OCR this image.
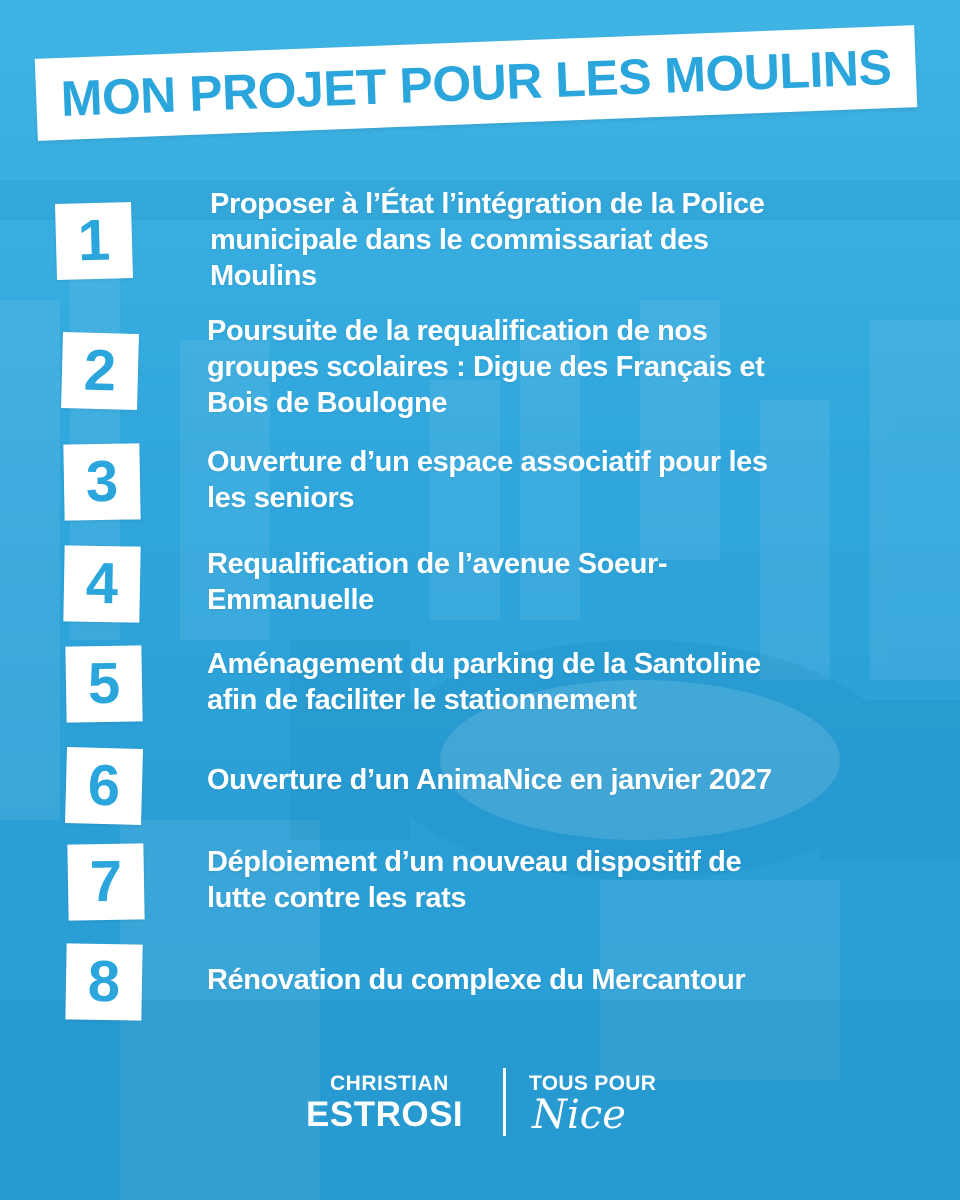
MON PROJET POUR LES MOULINS
1
Proposer à l’État l’intégration de la Police
municipale dans le commissariat des
Moulins
2
Poursuite de la requalification de nos
groupes scolaires : Digue des Français et
Bois de Boulogne
3	Ouverture d’un espace associatif pour les
les seniors
4	Requalification de l’avenue Soeur-
Emmanuelle
5	Aménagement du parking de la Santoline
afin de faciliter le stationnement
6	Ouverture d’un AnimaNice en janvier 2027
7	Déploiement d’un nouveau dispositif de
lutte contre les rats
8	Rénovation du complexe du Mercantour
CHRISTIAN
ESTROSI
TOUS POUR
Nice
